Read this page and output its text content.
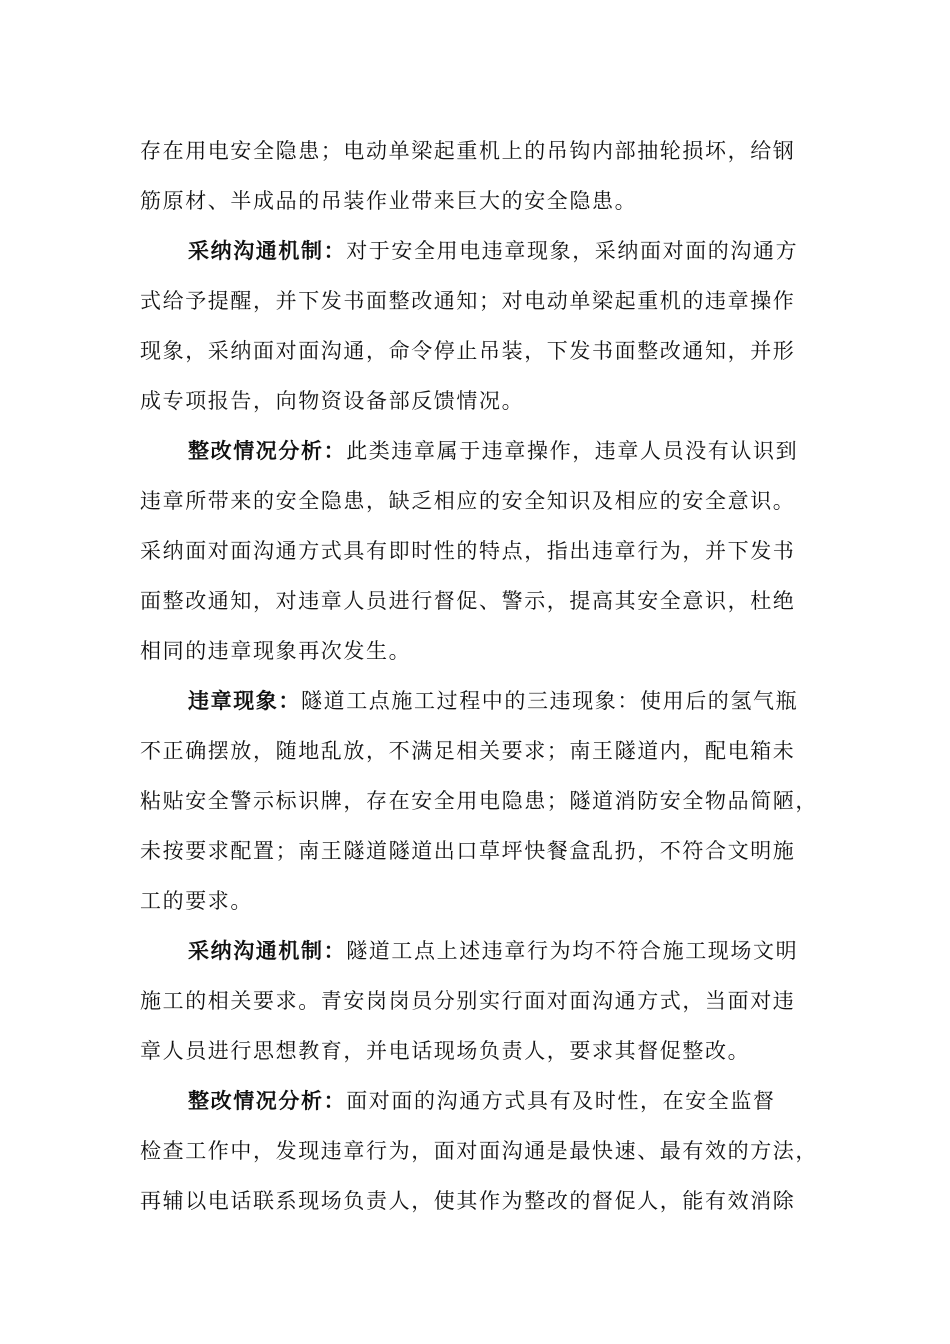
存在用电安全隐患；电动单梁起重机上的吊钩内部抽轮损坏，给钢
筋原材、半成品的吊装作业带来巨大的安全隐患。
采纳沟通机制：对于安全用电违章现象，采纳面对面的沟通方
式给予提醒，并下发书面整改通知；对电动单梁起重机的违章操作
现象，采纳面对面沟通，命令停止吊装，下发书面整改通知，并形
成专项报告，向物资设备部反馈情况。
整改情况分析：此类违章属于违章操作，违章人员没有认识到
违章所带来的安全隐患，缺乏相应的安全知识及相应的安全意识。
采纳面对面沟通方式具有即时性的特点，指出违章行为，并下发书
面整改通知，对违章人员进行督促、警示，提高其安全意识，杜绝
相同的违章现象再次发生。
违章现象：隧道工点施工过程中的三违现象：使用后的氢气瓶
不正确摆放，随地乱放，不满足相关要求；南王隧道内，配电箱未
粘贴安全警示标识牌，存在安全用电隐患；隧道消防安全物品简陋，
未按要求配置；南王隧道隧道出口草坪快餐盒乱扔，不符合文明施
工的要求。
采纳沟通机制：隧道工点上述违章行为均不符合施工现场文明
施工的相关要求。青安岗岗员分别实行面对面沟通方式，当面对违
章人员进行思想教育，并电话现场负责人，要求其督促整改。
整改情况分析：面对面的沟通方式具有及时性，在安全监督
检查工作中，发现违章行为，面对面沟通是最快速、最有效的方法，
再辅以电话联系现场负责人，使其作为整改的督促人，能有效消除
